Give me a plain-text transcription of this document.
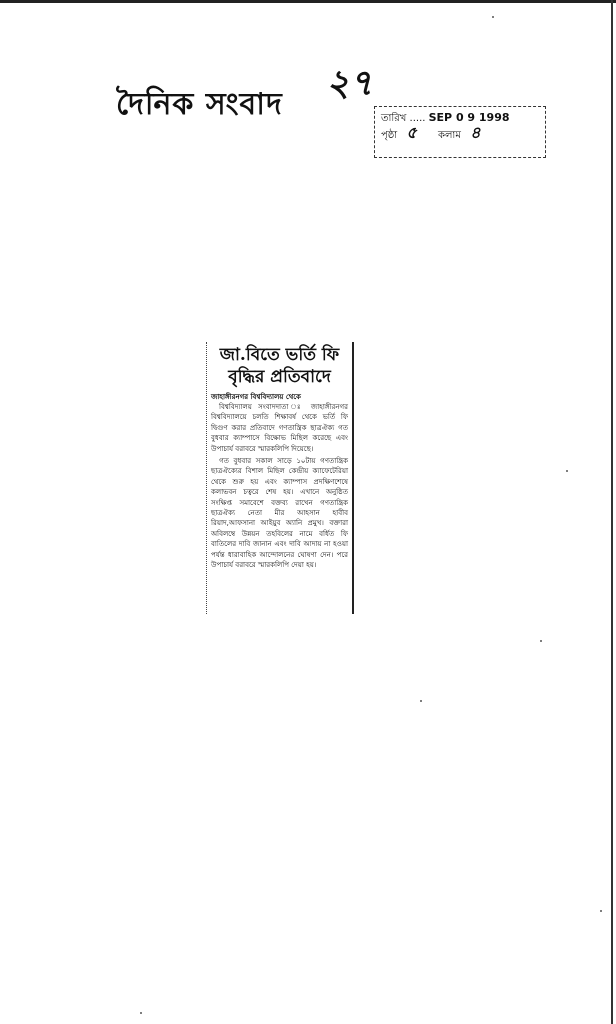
দৈনিক সংবাদ
২৭
তারিখ ..... SEP 0 9 1998
পৃষ্ঠা ৫ কলাম ৪
জা.বিতে ভর্তি ফি
বৃদ্ধির প্রতিবাদে
জাহাঙ্গীরনগর বিশ্ববিদ্যালয় থেকে

বিশ্ববিদ্যালয় সংবাদদাতা ঃ জাহাঙ্গীরনগর বিশ্ববিদ্যালয়ে চলতি শিক্ষাবর্ষ থেকে ভর্তি ফি দ্বিগুণ করার প্রতিবাদে গণতান্ত্রিক ছাত্রঐক্য গত বুধবার ক্যাম্পাসে বিক্ষোভ মিছিল করেছে এবং উপাচার্য বরাবরে স্মারকলিপি দিয়েছে।

গত বুধবার সকাল সাড়ে ১০টায় গণতান্ত্রিক ছাত্রঐক্যের বিশাল মিছিল কেন্দ্রীয় ক্যাফেটেরিয়া থেকে শুরু হয় এবং ক্যাম্পাস প্রদক্ষিণশেষে কলাভবন চত্বরে শেষ হয়। এখানে অনুষ্ঠিত সংক্ষিপ্ত সমাবেশে বক্তব্য রাখেন গণতান্ত্রিক ছাত্রঐক্য নেতা মীর আহসান হাবীব রিয়াদ,আফসানা আইয়ুব অ্যানি প্রমুখ। বক্তারা অবিলম্বে উন্নয়ন তহবিলের নামে বর্ধিত ফি বাতিলের দাবি জানান এবং দাবি আদায় না হওয়া পর্যন্ত ধারাবাহিক আন্দোলনের ঘোষণা দেন। পরে উপাচার্য বরাবরে স্মারকলিপি দেয়া হয়।
